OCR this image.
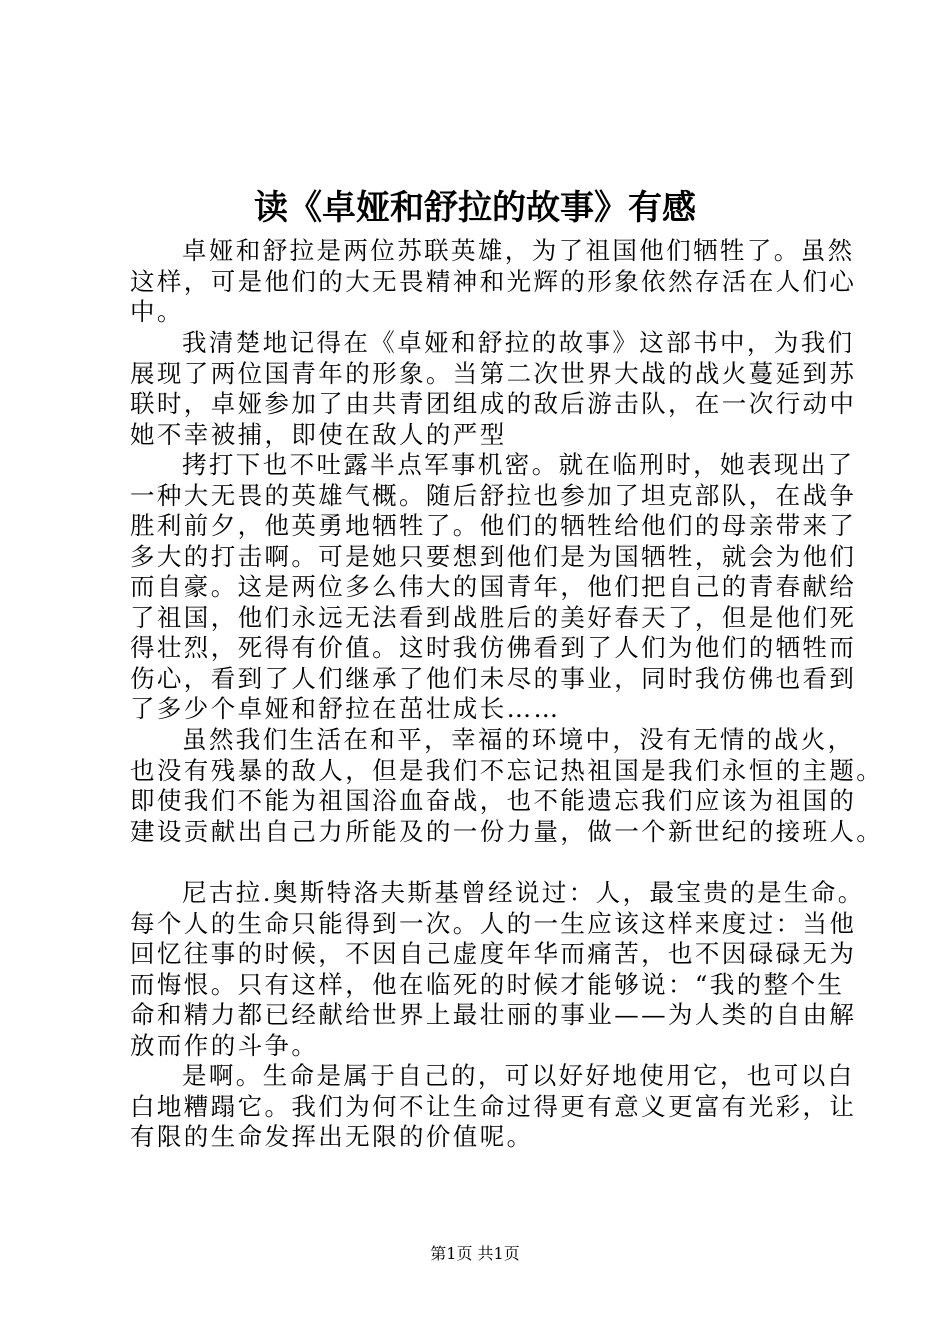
读《卓娅和舒拉的故事》有感
卓娅和舒拉是两位苏联英雄，为了祖国他们牺牲了。虽然
这样，可是他们的大无畏精神和光辉的形象依然存活在人们心
中。
我清楚地记得在《卓娅和舒拉的故事》这部书中，为我们
展现了两位国青年的形象。当第二次世界大战的战火蔓延到苏
联时，卓娅参加了由共青团组成的敌后游击队，在一次行动中
她不幸被捕，即使在敌人的严型
拷打下也不吐露半点军事机密。就在临刑时，她表现出了
一种大无畏的英雄气概。随后舒拉也参加了坦克部队，在战争
胜利前夕，他英勇地牺牲了。他们的牺牲给他们的母亲带来了
多大的打击啊。可是她只要想到他们是为国牺牲，就会为他们
而自豪。这是两位多么伟大的国青年，他们把自己的青春献给
了祖国，他们永远无法看到战胜后的美好春天了，但是他们死
得壮烈，死得有价值。这时我仿佛看到了人们为他们的牺牲而
伤心，看到了人们继承了他们未尽的事业，同时我仿佛也看到
了多少个卓娅和舒拉在茁壮成长……
虽然我们生活在和平，幸福的环境中，没有无情的战火，
也没有残暴的敌人，但是我们不忘记热祖国是我们永恒的主题。
即使我们不能为祖国浴血奋战，也不能遗忘我们应该为祖国的
建设贡献出自己力所能及的一份力量，做一个新世纪的接班人。
尼古拉.奥斯特洛夫斯基曾经说过：人，最宝贵的是生命。
每个人的生命只能得到一次。人的一生应该这样来度过：当他
回忆往事的时候，不因自己虚度年华而痛苦，也不因碌碌无为
而悔恨。只有这样，他在临死的时候才能够说：“我的整个生
命和精力都已经献给世界上最壮丽的事业——为人类的自由解
放而作的斗争。
是啊。生命是属于自己的，可以好好地使用它，也可以白
白地糟蹋它。我们为何不让生命过得更有意义更富有光彩，让
有限的生命发挥出无限的价值呢。
第1页 共1页
